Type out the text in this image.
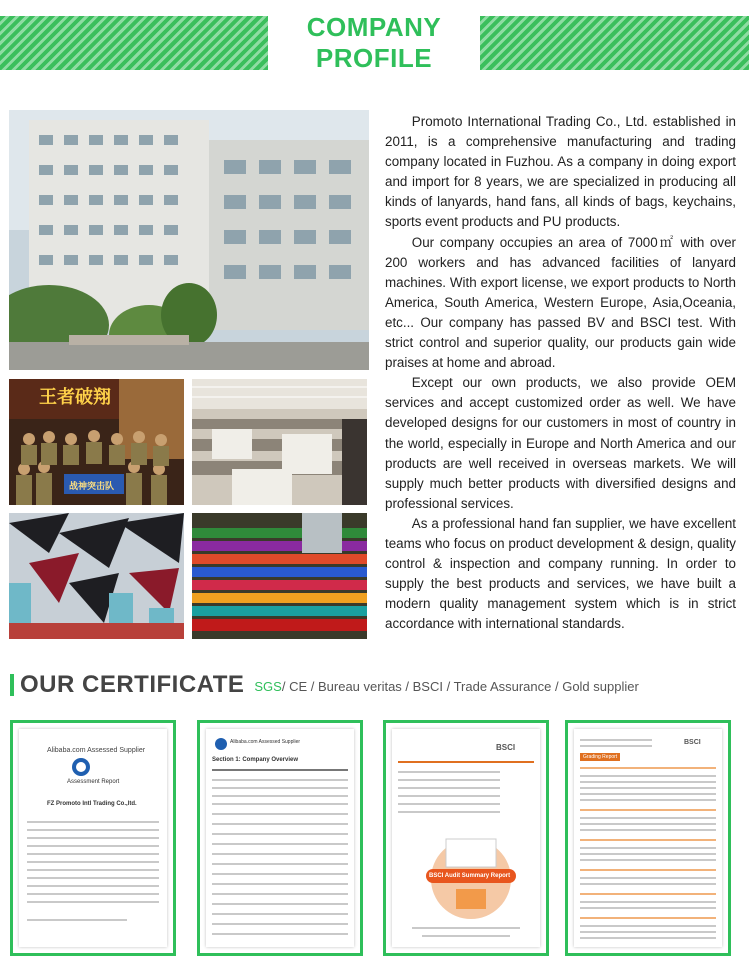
COMPANY
PROFILE
王者破翔
战神突击队

Promoto International Trading Co., Ltd. established in 2011, is a comprehensive manufacturing and trading company located in Fuzhou. As a company in doing export and import for 8 years, we are specialized in producing all kinds of lanyards, hand fans, all kinds of bags, keychains, sports event products and PU products.

Our company occupies an area of 7000㎡ with over 200 workers and has advanced facilities of lanyard machines. With export license, we export products to North America, South America, Western Europe, Asia,Oceania, etc... Our company has passed BV and BSCI test. With strict control and superior quality, our products gain wide praises at home and abroad.

Except our own products, we also provide OEM services and accept customized order as well. We have developed designs for our customers in most of country in the world, especially in Europe and North America and our products are well received in overseas markets. We will supply much better products with diversified designs and professional services.

As a professional hand fan supplier, we have excellent teams who focus on product development & design, quality control & inspection and company running. In order to supply the best products and services, we have built a modern quality management system which is in strict accordance with international standards.

OUR CERTIFICATE SGS / CE / Bureau veritas / BSCI / Trade Assurance / Gold supplier
Alibaba.com Assessed Supplier
Assessment Report
FZ Promoto Intl Trading Co.,ltd.
Alibaba.com Assessed Supplier
Section 1: Company Overview
BSCI
BSCI Audit Summary Report
BSCI
Grading Report
